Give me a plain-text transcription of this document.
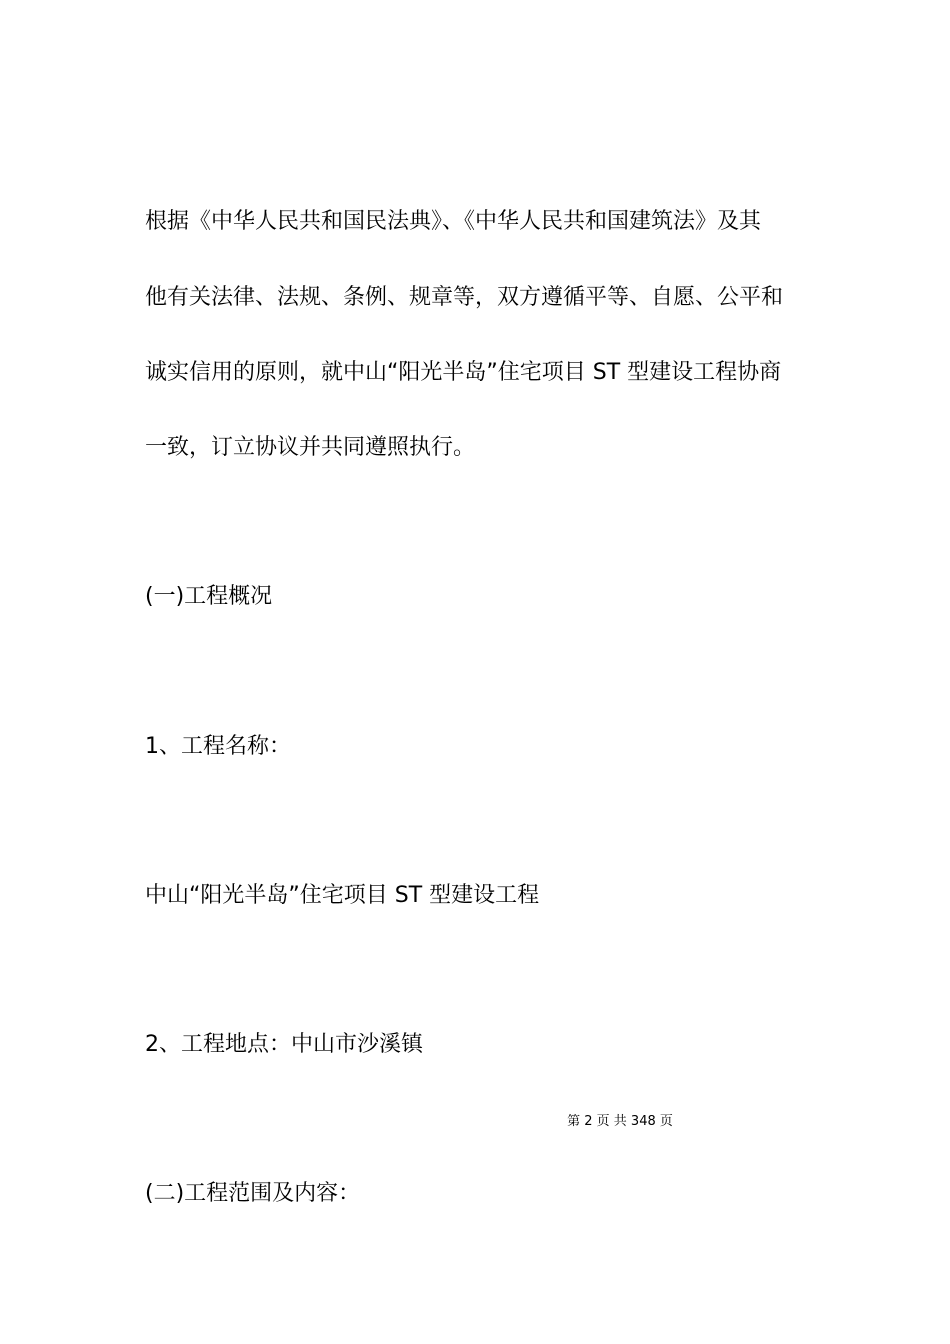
根据《中华人民共和国民法典》、《中华人民共和国建筑法》及其
他有关法律、法规、条例、规章等，双方遵循平等、自愿、公平和
诚实信用的原则，就中山“阳光半岛”住宅项目 ST 型建设工程协商
一致，订立协议并共同遵照执行。
(一)工程概况
1、工程名称：
中山“阳光半岛”住宅项目 ST 型建设工程
2、工程地点：中山市沙溪镇
第 2 页 共 348 页
(二)工程范围及内容：
